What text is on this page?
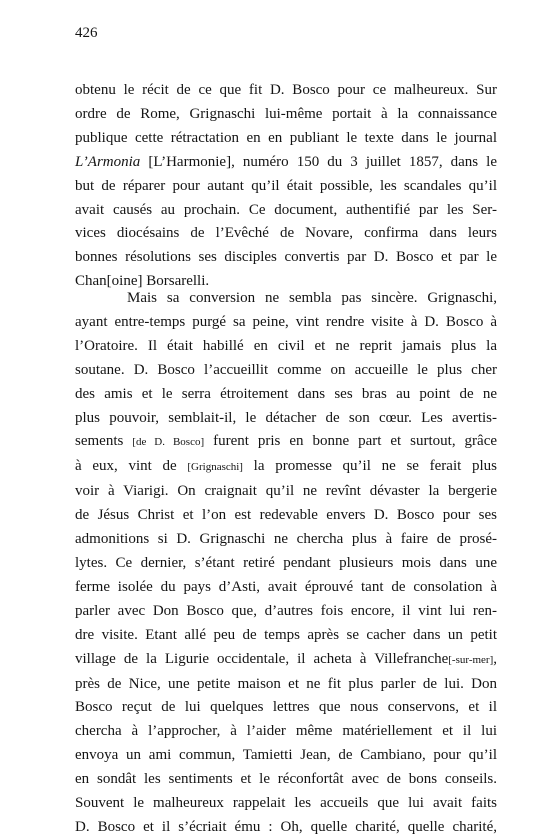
426
obtenu le récit de ce que fit D. Bosco pour ce malheureux. Sur
ordre de Rome, Grignaschi lui-même portait à la connaissance
publique cette rétractation en en publiant le texte dans le journal
L’Armonia [L’Harmonie], numéro 150 du 3 juillet 1857, dans le
but de réparer pour autant qu’il était possible, les scandales qu’il
avait causés au prochain. Ce document, authentifié par les Ser-
vices diocésains de l’Evêché de Novare, confirma dans leurs
bonnes résolutions ses disciples convertis par D. Bosco et par le
Chan[oine] Borsarelli.
Mais sa conversion ne sembla pas sincère. Grignaschi,
ayant entre-temps purgé sa peine, vint rendre visite à D. Bosco à
l’Oratoire. Il était habillé en civil et ne reprit jamais plus la
soutane. D. Bosco l’accueillit comme on accueille le plus cher
des amis et le serra étroitement dans ses bras au point de ne
plus pouvoir, semblait-il, le détacher de son cœur. Les avertis-
sements [de D. Bosco] furent pris en bonne part et surtout, grâce
à eux, vint de [Grignaschi] la promesse qu’il ne se ferait plus
voir à Viarigi. On craignait qu’il ne revînt dévaster la bergerie
de Jésus Christ et l’on est redevable envers D. Bosco pour ses
admonitions si D. Grignaschi ne chercha plus à faire de prosé-
lytes. Ce dernier, s’étant retiré pendant plusieurs mois dans une
ferme isolée du pays d’Asti, avait éprouvé tant de consolation à
parler avec Don Bosco que, d’autres fois encore, il vint lui ren-
dre visite. Etant allé peu de temps après se cacher dans un petit
village de la Ligurie occidentale, il acheta à Villefranche[-sur-mer],
près de Nice, une petite maison et ne fit plus parler de lui. Don
Bosco reçut de lui quelques lettres que nous conservons, et il
chercha à l’approcher, à l’aider même matériellement et il lui
envoya un ami commun, Tamietti Jean, de Cambiano, pour qu’il
en sondât les sentiments et le réconfortât avec de bons conseils.
Souvent le malheureux rappelait les accueils que lui avait faits
D. Bosco et il s’écriait ému : Oh, quelle charité, quelle charité,
